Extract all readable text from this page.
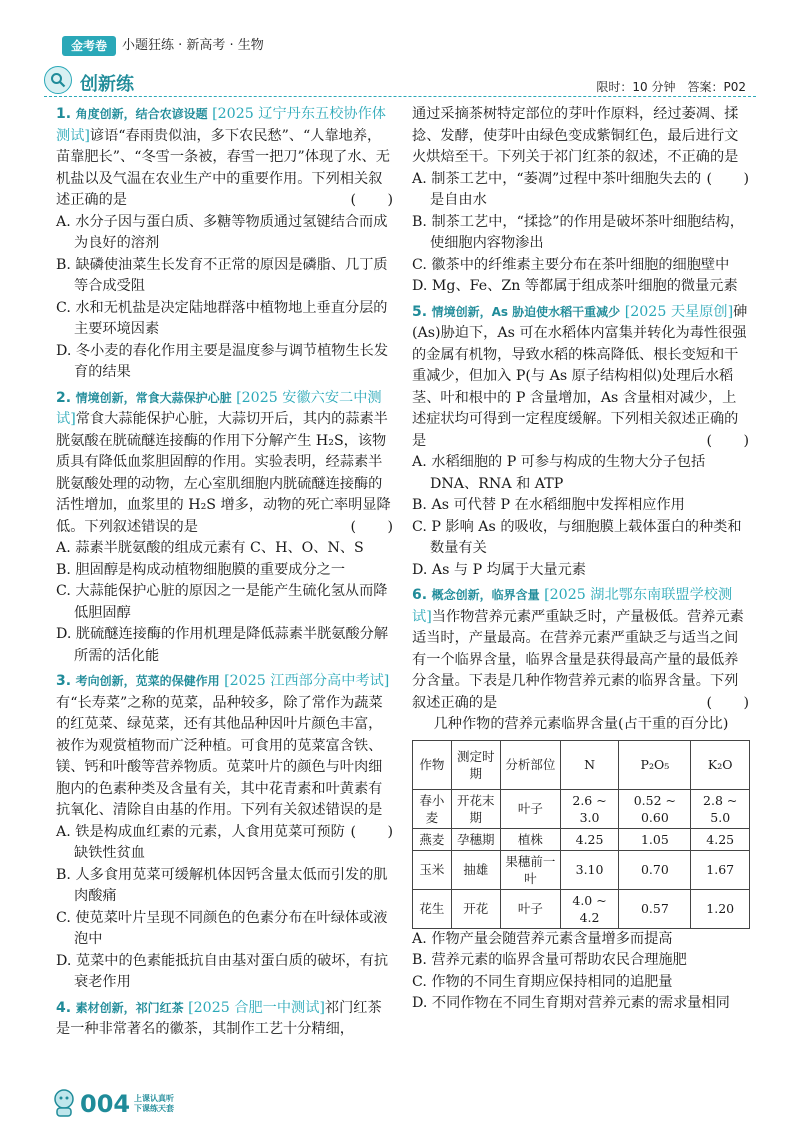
金考卷	小题狂练 · 新高考 · 生物
创新练	限时：10 分钟　答案：P02

1. 角度创新，结合农谚设题 [2025 辽宁丹东五校协作体测试]谚语“春雨贵似油，多下农民愁”、“人靠地养，苗靠肥长”、“冬雪一条被，春雪一把刀”体现了水、无机盐以及气温在农业生产中的重要作用。下列相关叙述正确的是	(　　)

A. 水分子因与蛋白质、多糖等物质通过氢键结合而成为良好的溶剂

B. 缺磷使油菜生长发育不正常的原因是磷脂、几丁质等合成受阻

C. 水和无机盐是决定陆地群落中植物地上垂直分层的主要环境因素

D. 冬小麦的春化作用主要是温度参与调节植物生长发育的结果

2. 情境创新，常食大蒜保护心脏 [2025 安徽六安二中测试]常食大蒜能保护心脏，大蒜切开后，其内的蒜素半胱氨酸在胱硫醚连接酶的作用下分解产生 H₂S，该物质具有降低血浆胆固醇的作用。实验表明，经蒜素半胱氨酸处理的动物，左心室肌细胞内胱硫醚连接酶的活性增加，血浆里的 H₂S 增多，动物的死亡率明显降低。下列叙述错误的是	(　　)

A. 蒜素半胱氨酸的组成元素有 C、H、O、N、S

B. 胆固醇是构成动植物细胞膜的重要成分之一

C. 大蒜能保护心脏的原因之一是能产生硫化氢从而降低胆固醇

D. 胱硫醚连接酶的作用机理是降低蒜素半胱氨酸分解所需的活化能

3. 考向创新，苋菜的保健作用 [2025 江西部分高中考试]有“长寿菜”之称的苋菜，品种较多，除了常作为蔬菜的红苋菜、绿苋菜，还有其他品种因叶片颜色丰富，被作为观赏植物而广泛种植。可食用的苋菜富含铁、镁、钙和叶酸等营养物质。苋菜叶片的颜色与叶肉细胞内的色素种类及含量有关，其中花青素和叶黄素有抗氧化、清除自由基的作用。下列有关叙述错误的是
(　　)

A. 铁是构成血红素的元素，人食用苋菜可预防缺铁性贫血

B. 人多食用苋菜可缓解机体因钙含量太低而引发的肌肉酸痛

C. 使苋菜叶片呈现不同颜色的色素分布在叶绿体或液泡中

D. 苋菜中的色素能抵抗自由基对蛋白质的破坏，有抗衰老作用

4. 素材创新，祁门红茶 [2025 合肥一中测试]祁门红茶是一种非常著名的徽茶，其制作工艺十分精细，

通过采摘茶树特定部位的芽叶作原料，经过萎凋、揉捻、发酵，使芽叶由绿色变成紫铜红色，最后进行文火烘焙至干。下列关于祁门红茶的叙述，不正确的是
(　　)

A. 制茶工艺中，“萎凋”过程中茶叶细胞失去的是自由水

B. 制茶工艺中，“揉捻”的作用是破坏茶叶细胞结构，使细胞内容物渗出

C. 徽茶中的纤维素主要分布在茶叶细胞的细胞壁中

D. Mg、Fe、Zn 等都属于组成茶叶细胞的微量元素

5. 情境创新，As 胁迫使水稻干重减少 [2025 天星原创]砷(As)胁迫下，As 可在水稻体内富集并转化为毒性很强的金属有机物，导致水稻的株高降低、根长变短和干重减少，但加入 P(与 As 原子结构相似)处理后水稻茎、叶和根中的 P 含量增加，As 含量相对减少，上述症状均可得到一定程度缓解。下列相关叙述正确的是	(　　)

A. 水稻细胞的 P 可参与构成的生物大分子包括 DNA、RNA 和 ATP

B. As 可代替 P 在水稻细胞中发挥相应作用

C. P 影响 As 的吸收，与细胞膜上载体蛋白的种类和数量有关

D. As 与 P 均属于大量元素

6. 概念创新，临界含量 [2025 湖北鄂东南联盟学校测试]当作物营养元素严重缺乏时，产量极低。营养元素适当时，产量最高。在营养元素严重缺乏与适当之间有一个临界含量，临界含量是获得最高产量的最低养分含量。下表是几种作物营养元素的临界含量。下列叙述正确的是	(　　)

几种作物的营养元素临界含量(占干重的百分比)

作物	测定时期	分析部位	N	P₂O₅	K₂O
春小麦	开花末期	叶子	2.6 ~ 3.0	0.52 ~ 0.60	2.8 ~ 5.0
燕麦	孕穗期	植株	4.25	1.05	4.25
玉米	抽雄	果穗前一叶	3.10	0.70	1.67
花生	开花	叶子	4.0 ~ 4.2	0.57	1.20

A. 作物产量会随营养元素含量增多而提高

B. 营养元素的临界含量可帮助农民合理施肥

C. 作物的不同生育期应保持相同的追肥量

D. 不同作物在不同生育期对营养元素的需求量相同

004 上课认真听
下课练天套
